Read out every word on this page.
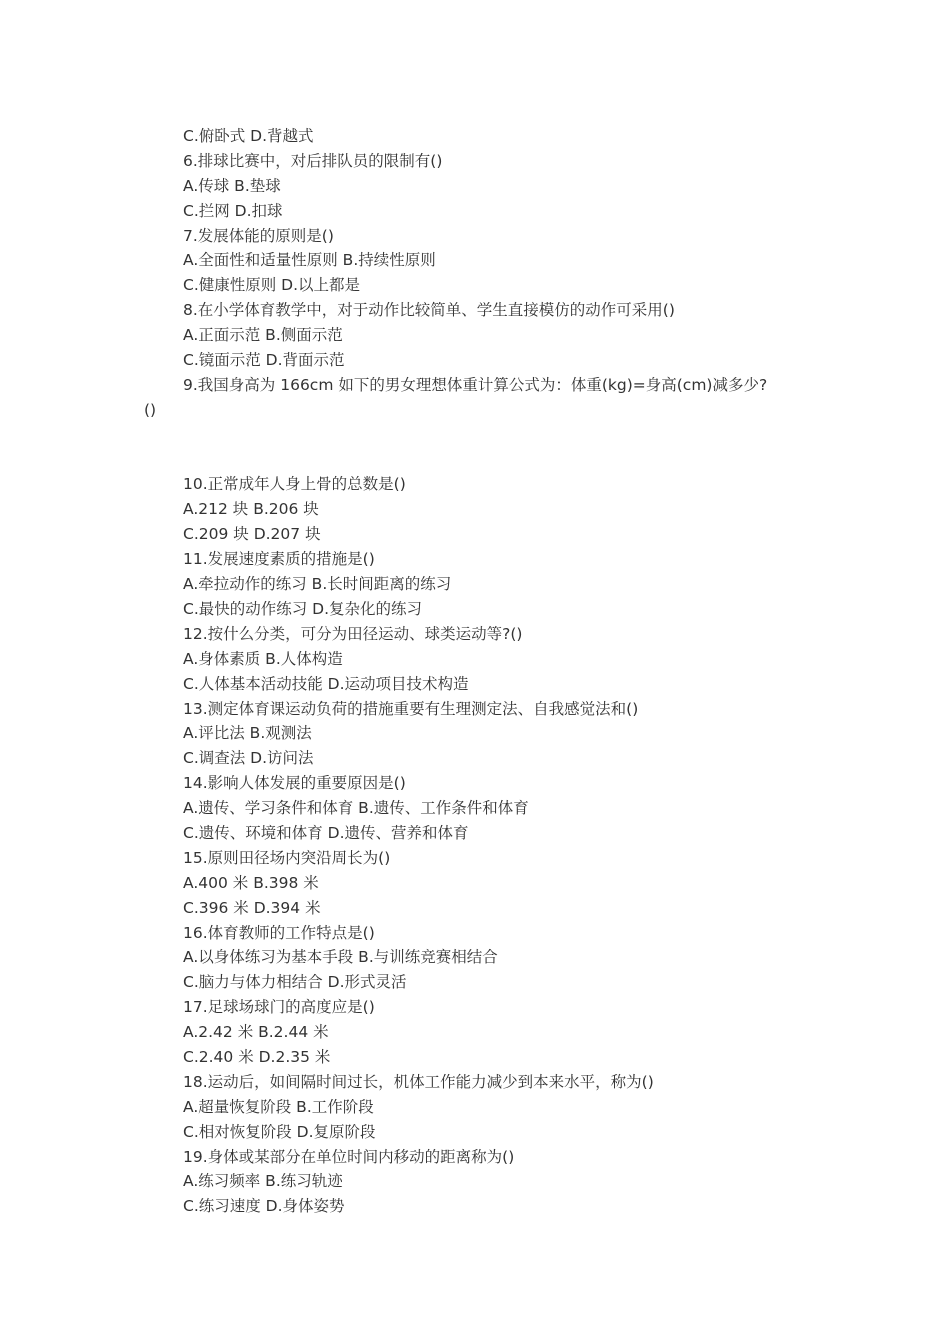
C.俯卧式 D.背越式
6.排球比赛中，对后排队员的限制有()
A.传球 B.垫球
C.拦网 D.扣球
7.发展体能的原则是()
A.全面性和适量性原则 B.持续性原则
C.健康性原则 D.以上都是
8.在小学体育教学中，对于动作比较简单、学生直接模仿的动作可采用()
A.正面示范 B.侧面示范
C.镜面示范 D.背面示范
9.我国身高为 166cm 如下的男女理想体重计算公式为：体重(kg)=身高(cm)减多少?
()
10.正常成年人身上骨的总数是()
A.212 块 B.206 块
C.209 块 D.207 块
11.发展速度素质的措施是()
A.牵拉动作的练习 B.长时间距离的练习
C.最快的动作练习 D.复杂化的练习
12.按什么分类，可分为田径运动、球类运动等?()
A.身体素质 B.人体构造
C.人体基本活动技能 D.运动项目技术构造
13.测定体育课运动负荷的措施重要有生理测定法、自我感觉法和()
A.评比法 B.观测法
C.调查法 D.访问法
14.影响人体发展的重要原因是()
A.遗传、学习条件和体育 B.遗传、工作条件和体育
C.遗传、环境和体育 D.遗传、营养和体育
15.原则田径场内突沿周长为()
A.400 米 B.398 米
C.396 米 D.394 米
16.体育教师的工作特点是()
A.以身体练习为基本手段 B.与训练竞赛相结合
C.脑力与体力相结合 D.形式灵活
17.足球场球门的高度应是()
A.2.42 米 B.2.44 米
C.2.40 米 D.2.35 米
18.运动后，如间隔时间过长，机体工作能力减少到本来水平，称为()
A.超量恢复阶段 B.工作阶段
C.相对恢复阶段 D.复原阶段
19.身体或某部分在单位时间内移动的距离称为()
A.练习频率 B.练习轨迹
C.练习速度 D.身体姿势
